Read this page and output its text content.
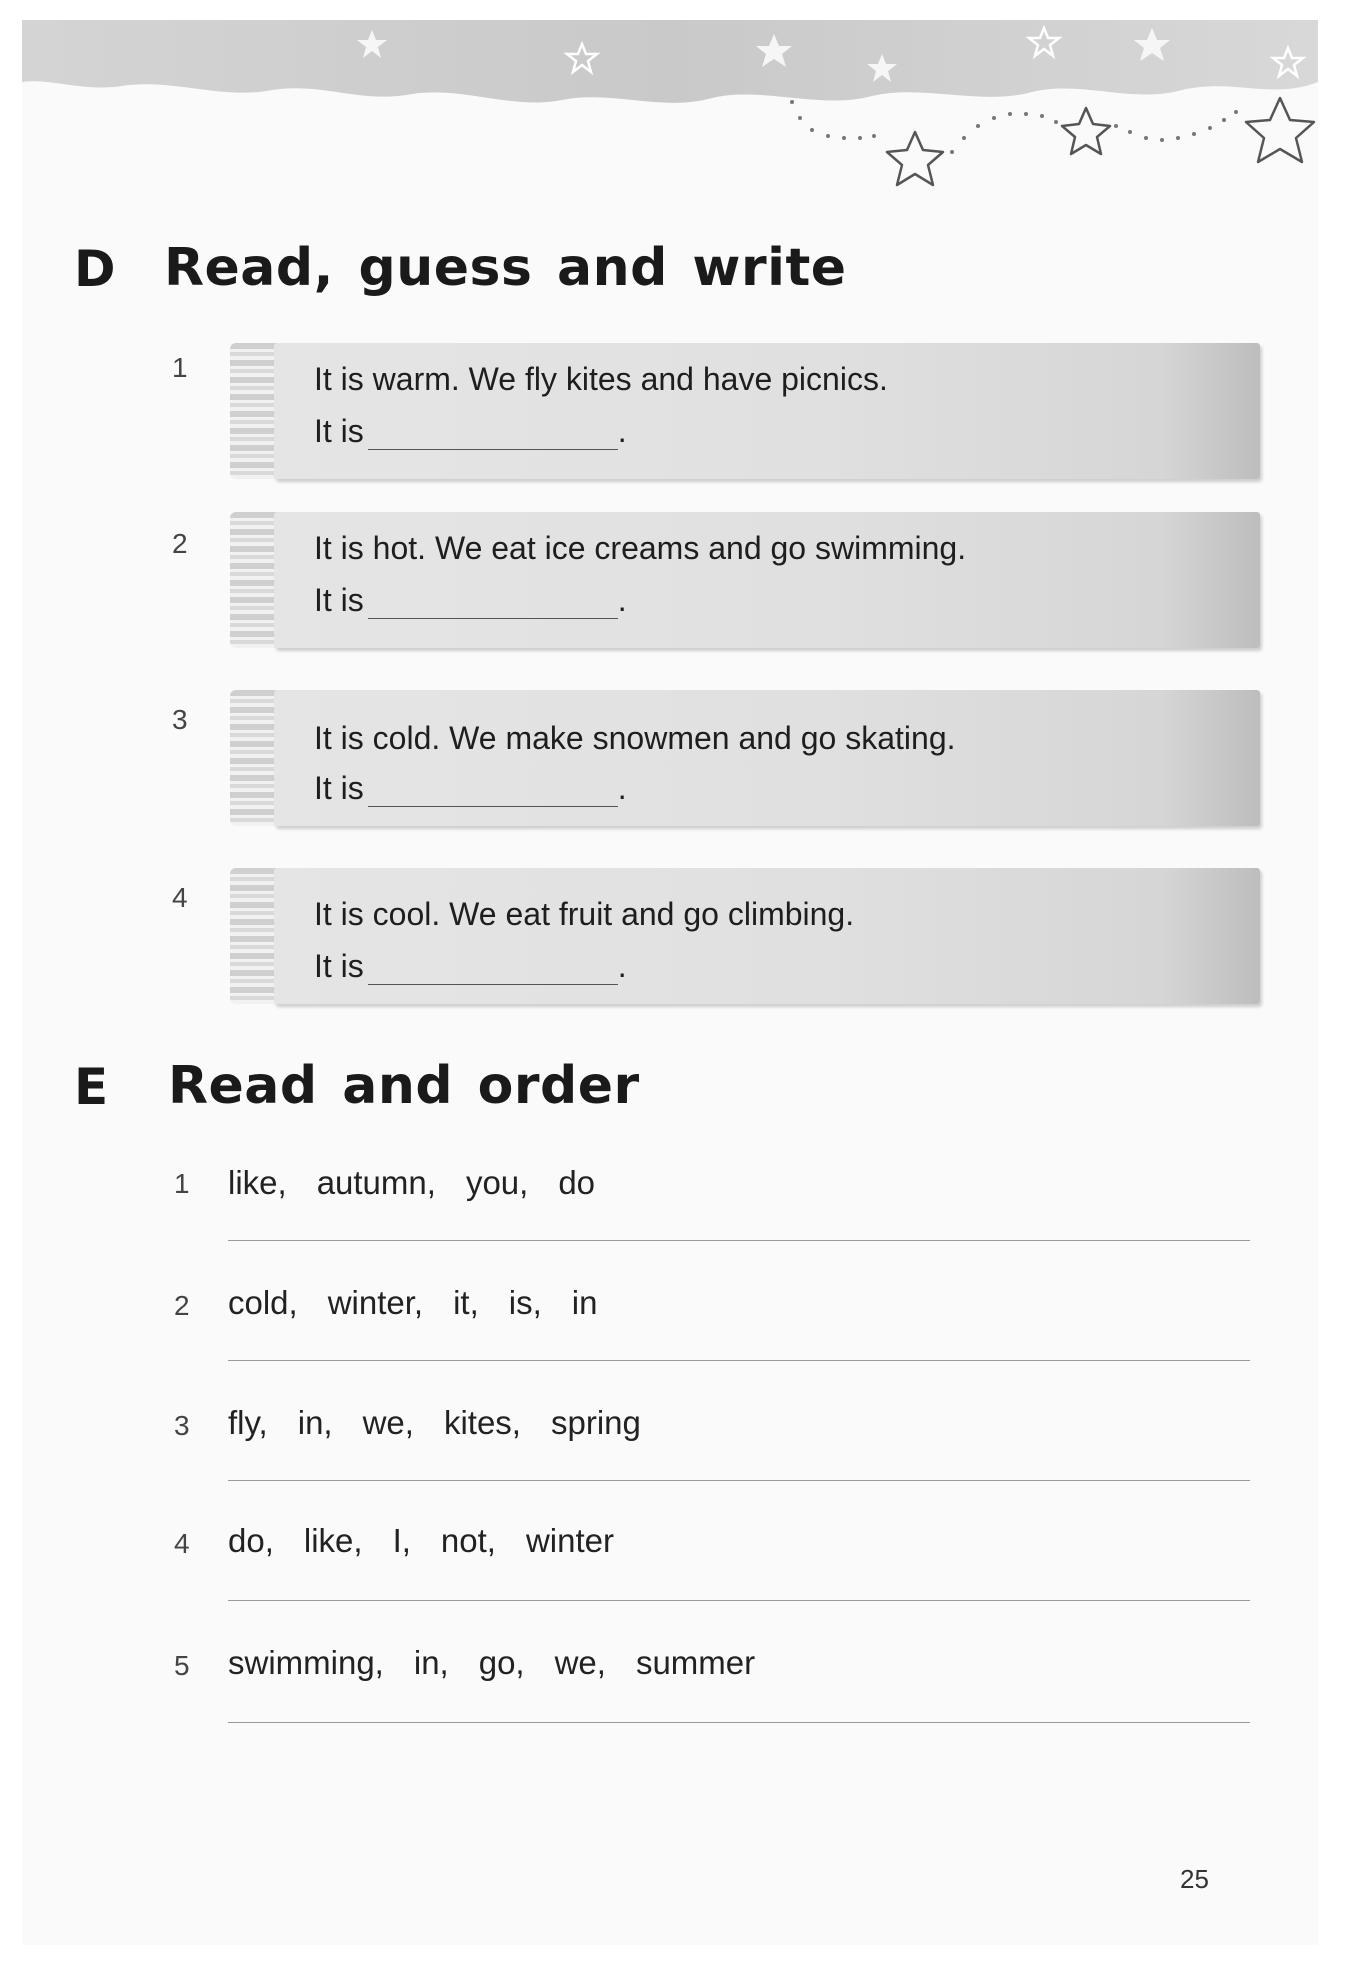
D Read, guess and write
1	It is warm. We fly kites and have picnics.
It is	.
2	It is hot. We eat ice creams and go swimming.
It is	.
3
It is cold. We make snowmen and go skating.
It is	.
4	It is cool. We eat fruit and go climbing.
It is	.
E Read and order
1 like, autumn, you, do
2 cold, winter, it, is, in
3 fly, in, we, kites, spring
4 do, like, I, not, winter
5 swimming, in, go, we, summer
25
